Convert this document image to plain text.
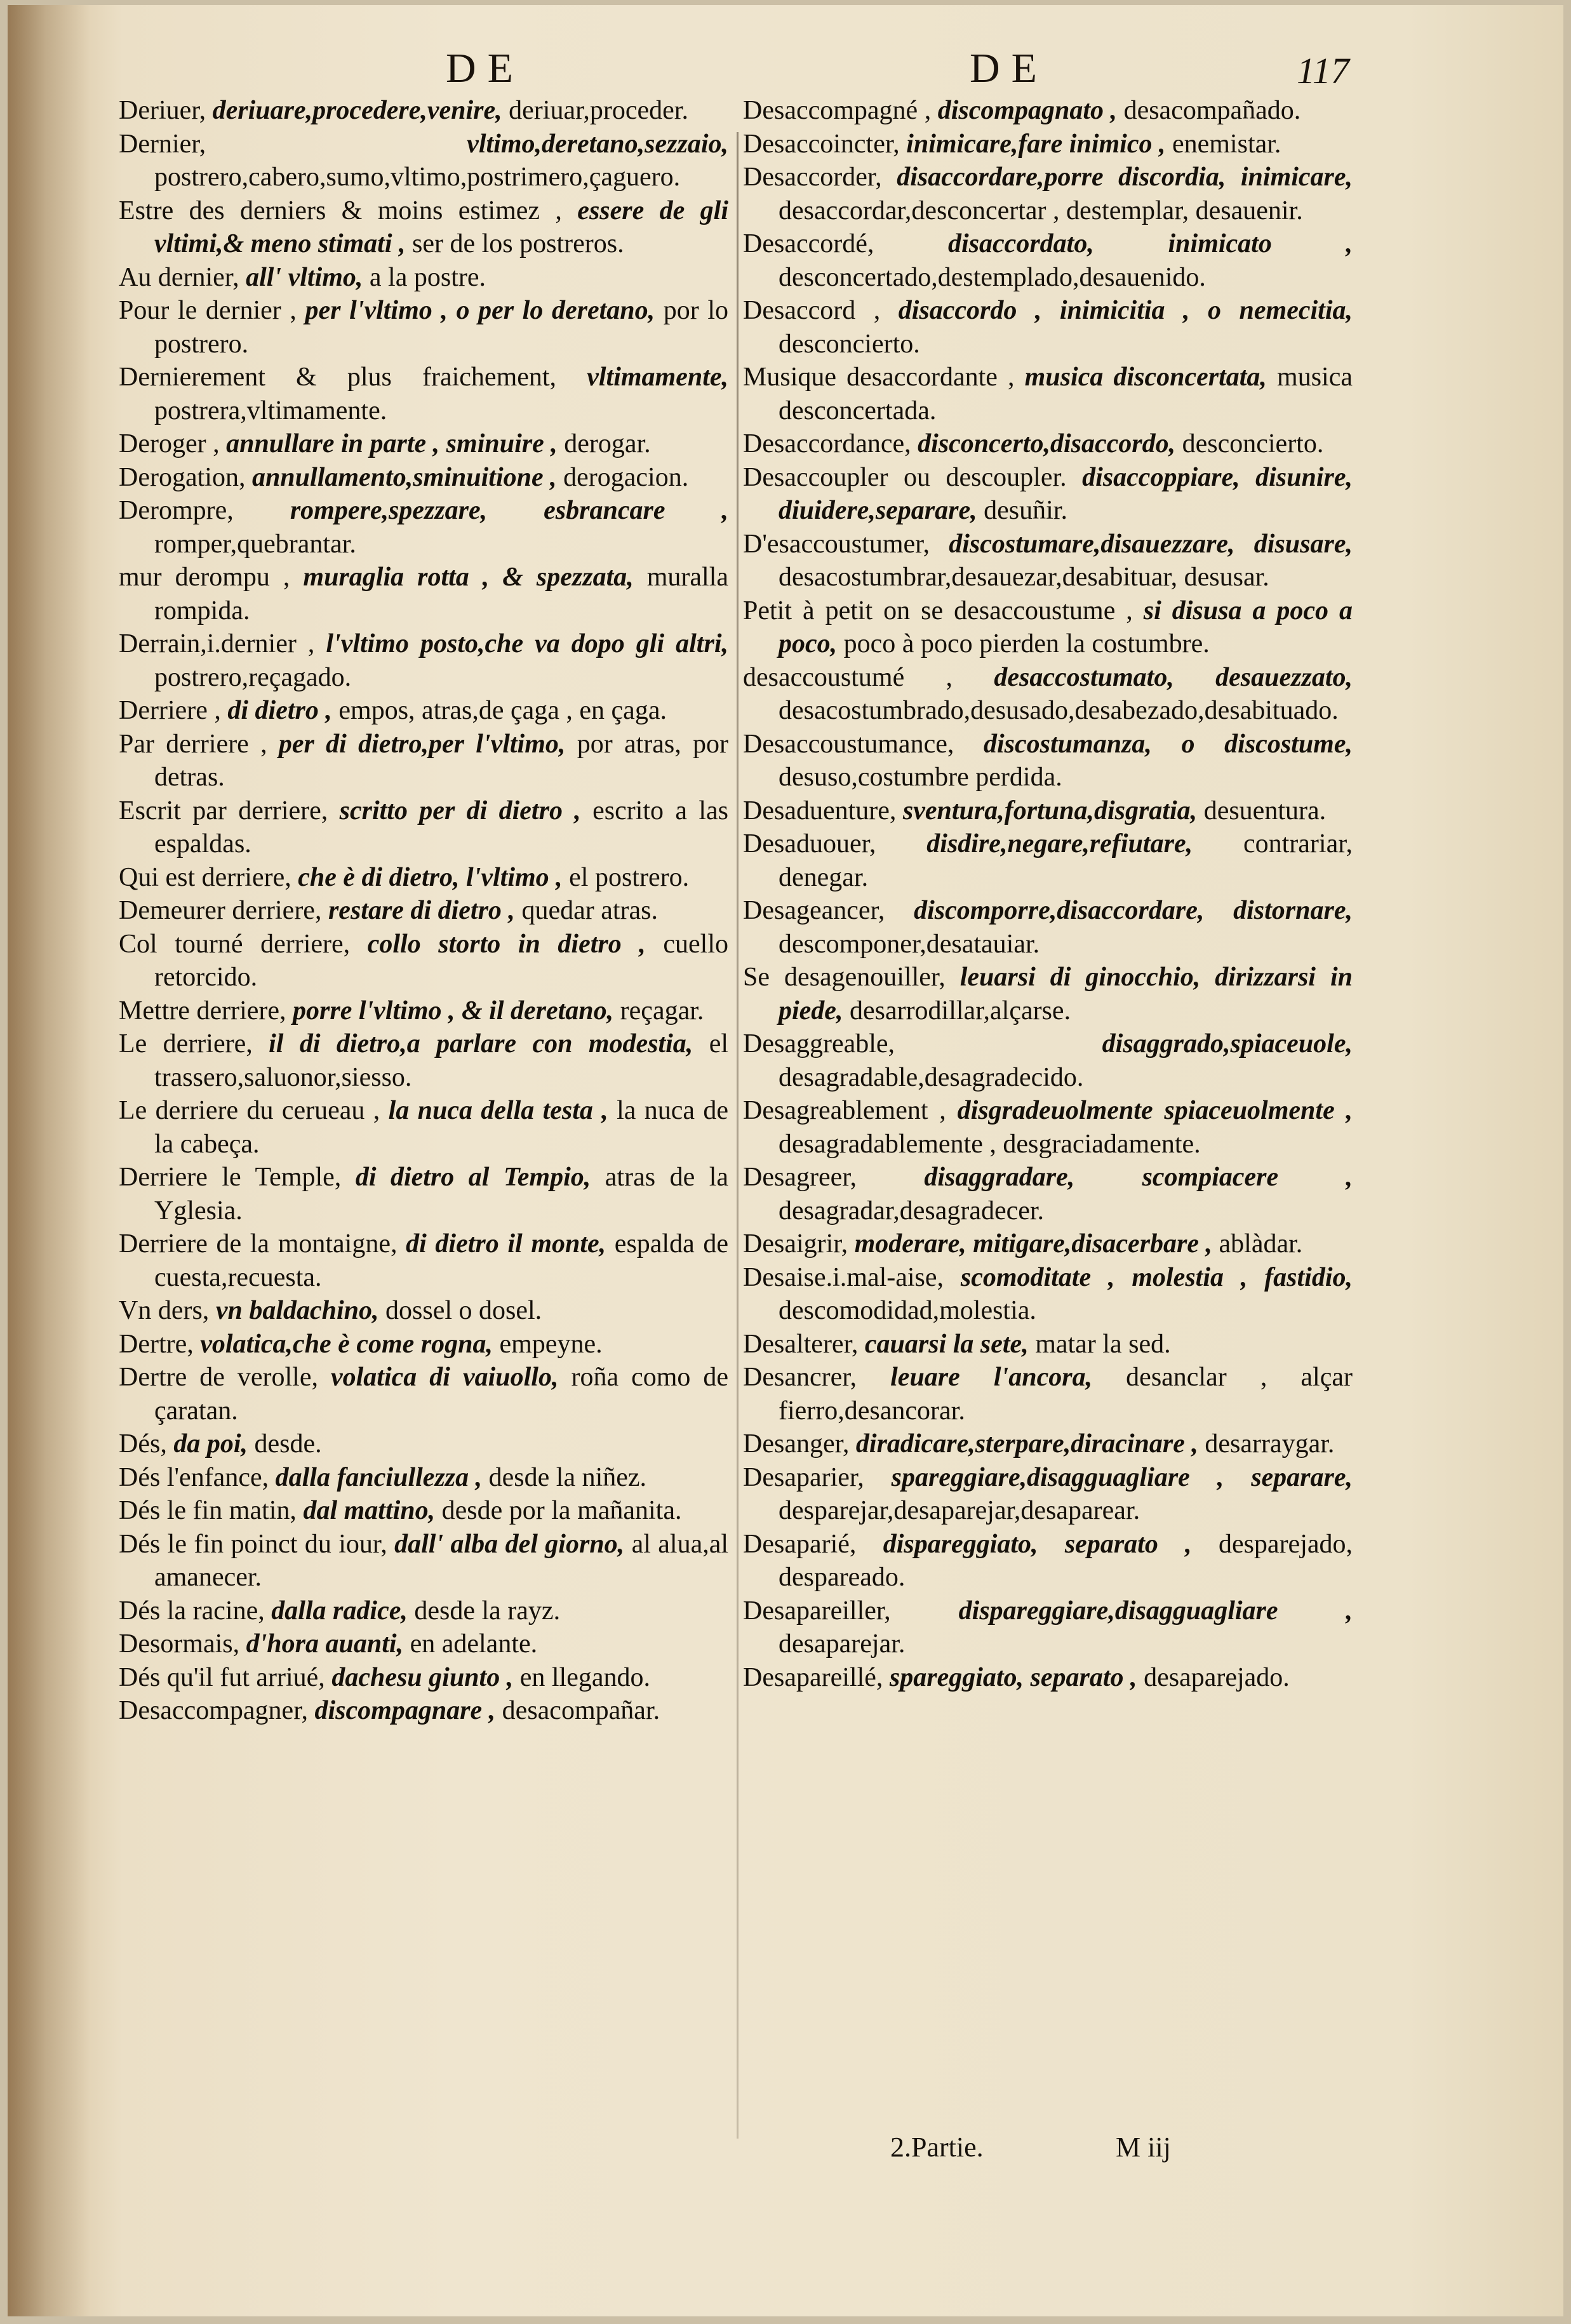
DE	DE	117
Deriuer, deriuare,procedere,venire, deriuar,proceder.
Dernier,	vltimo,deretano,sezzaio, postrero,cabero,sumo,vltimo,postrimero,çaguero.
Estre des derniers & moins estimez , essere de gli vltimi,& meno stimati , ser de los postreros.
Au dernier, all' vltimo, a la postre.
Pour le dernier , per l'vltimo , o per lo deretano, por lo postrero.
Dernierement & plus fraichement, vltimamente, postrera,vltimamente.
Deroger , annullare in parte , sminuire , derogar.
Derogation, annullamento,sminuitione , derogacion.
Derompre, rompere,spezzare, esbrancare , romper,quebrantar.
mur derompu , muraglia rotta , & spezzata, muralla rompida.
Derrain,i.dernier , l'vltimo posto,che va dopo gli altri, postrero,reçagado.
Derriere , di dietro , empos, atras,de çaga , en çaga.
Par derriere , per di dietro,per l'vltimo, por atras, por detras.
Escrit par derriere, scritto per di dietro , escrito a las espaldas.
Qui est derriere, che è di dietro, l'vltimo , el postrero.
Demeurer derriere, restare di dietro , quedar atras.
Col tourné derriere, collo storto in dietro , cuello retorcido.
Mettre derriere, porre l'vltimo , & il deretano, reçagar.
Le derriere, il di dietro,a parlare con modestia, el trassero,saluonor,siesso.
Le derriere du cerueau , la nuca della testa , la nuca de la cabeça.
Derriere le Temple, di dietro al Tempio, atras de la Yglesia.
Derriere de la montaigne, di dietro il monte, espalda de cuesta,recuesta.
Vn ders, vn baldachino, dossel o dosel.
Dertre, volatica,che è come rogna, empeyne.
Dertre de verolle, volatica di vaiuollo, roña como de çaratan.
Dés, da poi, desde.
Dés l'enfance, dalla fanciullezza , desde la niñez.
Dés le fin matin, dal mattino, desde por la mañanita.
Dés le fin poinct du iour, dall' alba del giorno, al alua,al amanecer.
Dés la racine, dalla radice, desde la rayz.
Desormais, d'hora auanti, en adelante.
Dés qu'il fut arriué, dachesu giunto , en llegando.
Desaccompagner, discompagnare , desacompañar.
Desaccompagné , discompagnato , desacompañado.
Desaccoincter, inimicare,fare inimico , enemistar.
Desaccorder, disaccordare,porre discordia, inimicare, desaccordar,desconcertar , destemplar, desauenir.
Desaccordé,	disaccordato, inimicato , desconcertado,destemplado,desauenido.
Desaccord , disaccordo , inimicitia , o nemecitia, desconcierto.
Musique desaccordante , musica disconcertata, musica desconcertada.
Desaccordance, disconcerto,disaccordo, desconcierto.
Desaccoupler ou descoupler. disaccoppiare, disunire, diuidere,separare, desuñir.
D'esaccoustumer, discostumare,disauezzare, disusare, desacostumbrar,desauezar,desabituar, desusar.
Petit à petit on se desaccoustume , si disusa a poco a poco, poco à poco pierden la costumbre.
desaccoustumé , desaccostumato, desauezzato, desacostumbrado,desusado,desabezado,desabituado.
Desaccoustumance, discostumanza, o discostume, desuso,costumbre perdida.
Desaduenture, sventura,fortuna,disgratia, desuentura.
Desaduouer, disdire,negare,refiutare, contrariar, denegar.
Desageancer, discomporre,disaccordare, distornare, descomponer,desatauiar.
Se desagenouiller, leuarsi di ginocchio, dirizzarsi in piede, desarrodillar,alçarse.
Desaggreable,	disaggrado,spiaceuole, desagradable,desagradecido.
Desagreablement , disgradeuolmente spiaceuolmente , desagradablemente , desgraciadamente.
Desagreer,	disaggradare, scompiacere , desagradar,desagradecer.
Desaigrir, moderare, mitigare,disacerbare , ablàdar.
Desaise.i.mal-aise, scomoditate , molestia , fastidio, descomodidad,molestia.
Desalterer, cauarsi la sete, matar la sed.
Desancrer, leuare l'ancora, desanclar , alçar fierro,desancorar.
Desanger, diradicare,sterpare,diracinare , desarraygar.
Desaparier, spareggiare,disagguagliare , separare, desparejar,desaparejar,desaparear.
Desaparié, dispareggiato, separato , desparejado, despareado.
Desapareiller,	dispareggiare,disagguagliare , desaparejar.
Desapareillé, spareggiato, separato , desaparejado.
2.Partie.	M iij
